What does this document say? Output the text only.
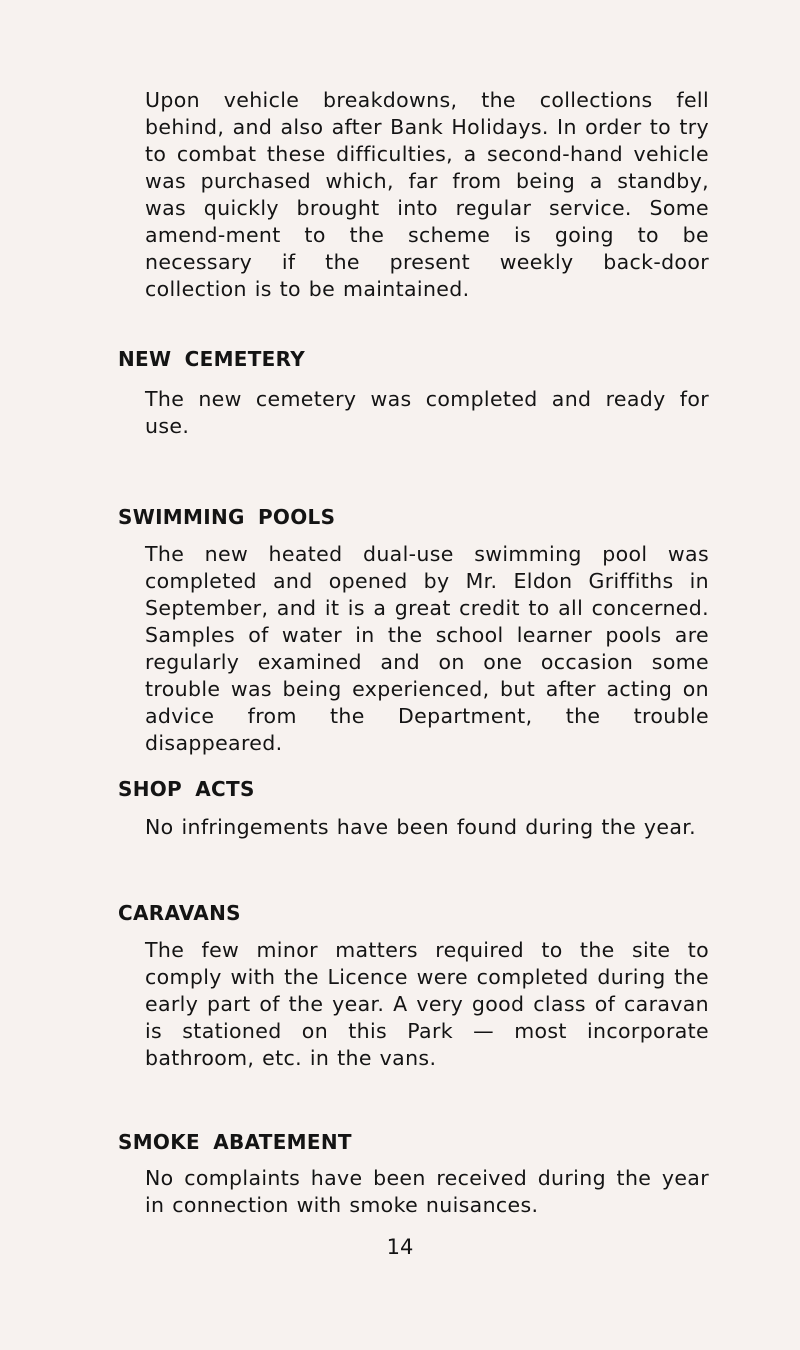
Upon vehicle breakdowns, the collections fell behind, and also after Bank Holidays. In order to try to combat these difficulties, a second-hand vehicle was purchased which, far from being a standby, was quickly brought into regular service. Some amend-ment to the scheme is going to be necessary if the present weekly back-door collection is to be maintained.

NEW CEMETERY

The new cemetery was completed and ready for use.

SWIMMING POOLS

The new heated dual-use swimming pool was completed and opened by Mr. Eldon Griffiths in September, and it is a great credit to all concerned. Samples of water in the school learner pools are regularly examined and on one occasion some trouble was being experienced, but after acting on advice from the Department, the trouble disappeared.

SHOP ACTS

No infringements have been found during the year.

CARAVANS

The few minor matters required to the site to comply with the Licence were completed during the early part of the year. A very good class of caravan is stationed on this Park — most incorporate bathroom, etc. in the vans.

SMOKE ABATEMENT

No complaints have been received during the year in connection with smoke nuisances.

14
